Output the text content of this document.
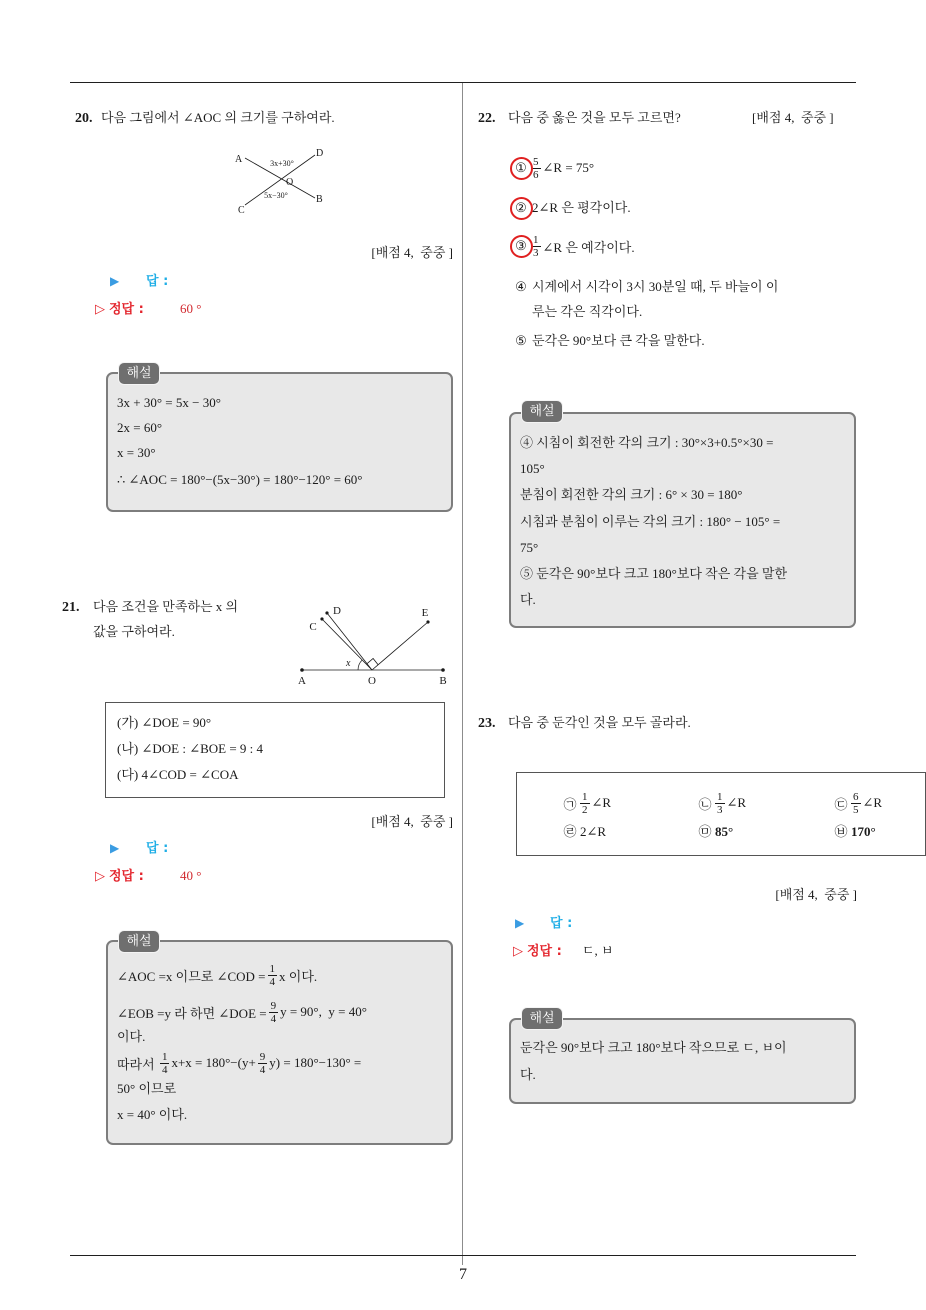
7
20. 다음 그림에서 ∠AOC 의 크기를 구하여라.
A
D
O
3x+30°
5x−30°
C
B
[배점 4,  중중 ]
▶ 답 :
▷ 정답 :	60 °
해설
3x + 30° = 5x − 30°
2x = 60°
x = 30°
∴ ∠AOC = 180°−(5x−30°) = 180°−120° = 60°
21. 다음 조건을 만족하는 x 의
값을 구하여라.
x
A	O	B
C
D	E
(가) ∠DOE = 90°
(나) ∠DOE : ∠BOE = 9 : 4
(다) 4∠COD = ∠COA
[배점 4,  중중 ]
▶ 답 :
▷ 정답 :	40 °
해설
∠AOC =x 이므로 ∠COD = $\frac{1}{4}$ x 이다.
∠EOB =y 라 하면 ∠DOE = $\frac{9}{4}$ y = 90°,  y = 40°
이다.
따라서 $\frac{1}{4} x+x = 180^\circ-(y+ \frac{9}{4} y) = 180^\circ-130^\circ$ =
50° 이므로
x = 40° 이다.
22. 다음 중 옳은 것을 모두 고르면?	[배점 4,  중중 ]
① $\frac{5}{6}$ ∠R = 75°
② 2∠R 은 평각이다.
③ $\frac{1}{3}$ ∠R 은 예각이다.
④ 시계에서 시각이 3시 30분일 때, 두 바늘이 이
루는 각은 직각이다.
⑤ 둔각은 90°보다 큰 각을 말한다.
해설
④ 시침이 회전한 각의 크기 : 30°×3+0.5°×30 =
105°
분침이 회전한 각의 크기 : 6° × 30 = 180°
시침과 분침이 이루는 각의 크기 : 180° − 105° =
75°
⑤ 둔각은 90°보다 크고 180°보다 작은 각을 말한
다.
23. 다음 중 둔각인 것을 모두 골라라.
㉠ $\frac{1}{2}$ ∠R	㉡ $\frac{1}{3}$ ∠R	㉢ $\frac{6}{5}$ ∠R
㉣ 2∠R	㉤ 85°	㉥ 170°
[배점 4,  중중 ]
▶ 답 :
▷ 정답 : ㄷ, ㅂ
해설
둔각은 90°보다 크고 180°보다 작으므로 ㄷ, ㅂ이
다.
